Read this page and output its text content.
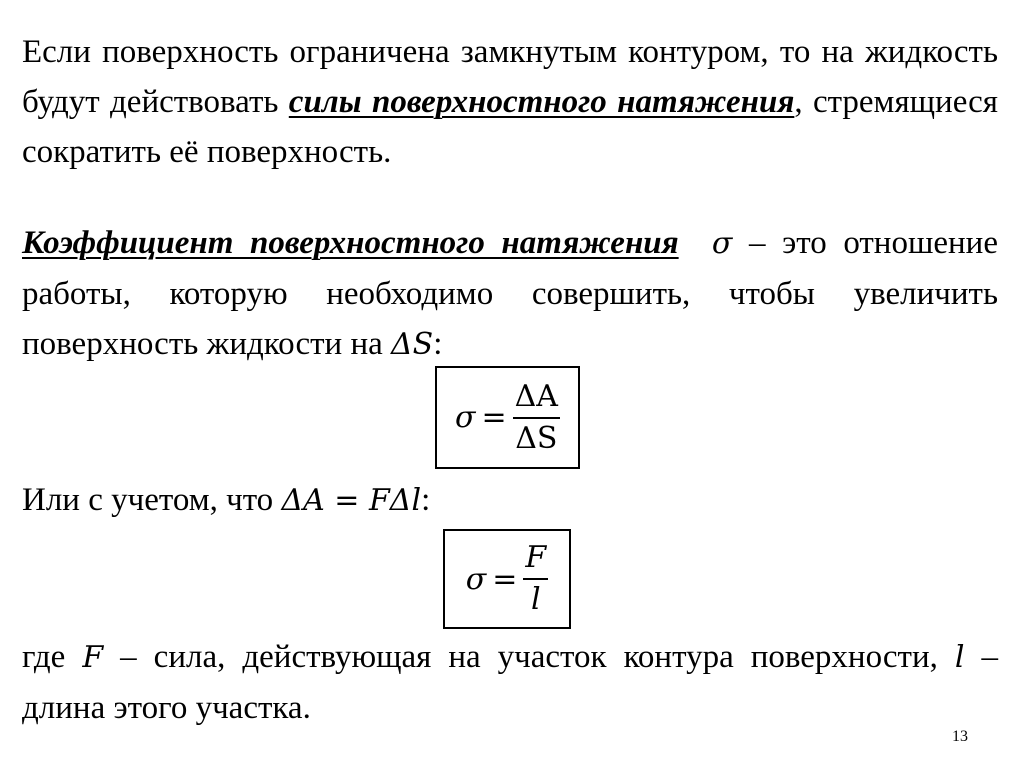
Если поверхность ограничена замкнутым контуром, то на жидкость будут действовать силы поверхностного натяжения, стремящиеся сократить её поверхность.
Коэффициент поверхностного натяжения σ – это отношение работы, которую необходимо совершить, чтобы увеличить поверхность жидкости на ΔS:
$\sigma = \frac{\Delta A}{\Delta S}$
Или с учетом, что ΔA = FΔl:
$\sigma = \frac{F}{l}$
где F – сила, действующая на участок контура поверхности, l – длина этого участка.
13
